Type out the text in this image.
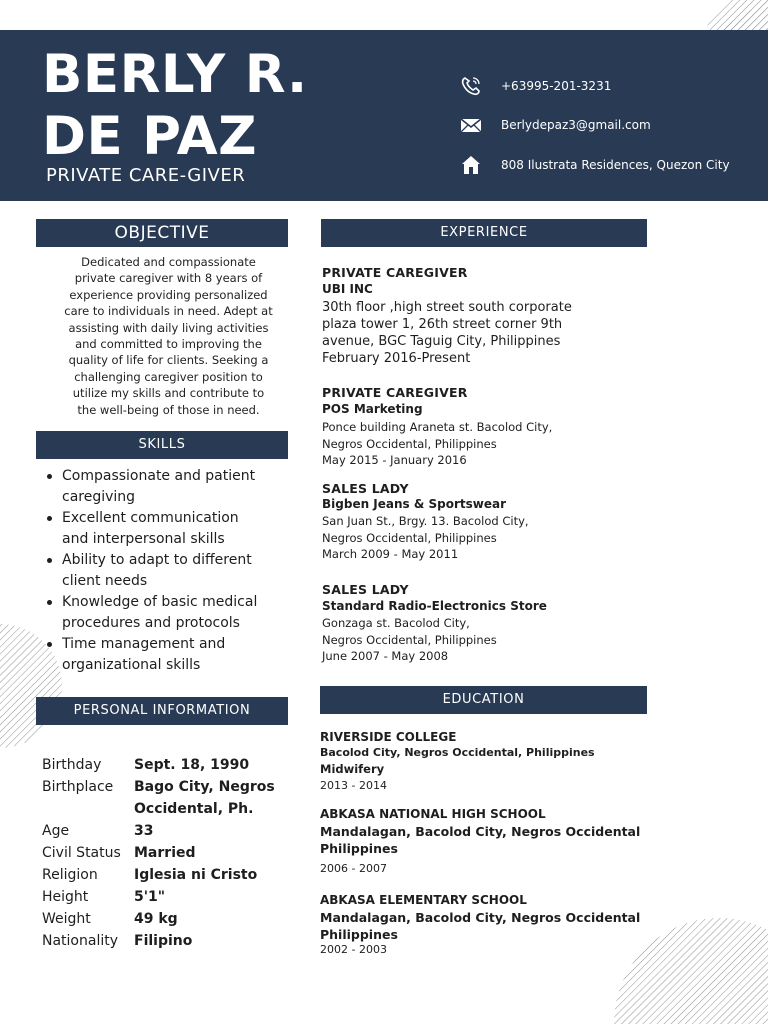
BERLY R.
DE PAZ
PRIVATE CARE-GIVER
+63995-201-3231
Berlydepaz3@gmail.com
808 Ilustrata Residences, Quezon City
OBJECTIVE
Dedicated and compassionate
private caregiver with 8 years of
experience providing personalized
care to individuals in need. Adept at
assisting with daily living activities
and committed to improving the
quality of life for clients. Seeking a
challenging caregiver position to
utilize my skills and contribute to
the well-being of those in need.
SKILLS
Compassionate and patient
caregiving
Excellent communication
and interpersonal skills
Ability to adapt to different
client needs
Knowledge of basic medical
procedures and protocols
Time management and
organizational skills
PERSONAL INFORMATION
Birthday Sept. 18, 1990
Birthplace Bago City, Negros
Occidental, Ph.
Age	33
Civil Status Married
Religion	Iglesia ni Cristo
Height	5'1"
Weight	49 kg
Nationality Filipino
EXPERIENCE
PRIVATE CAREGIVER
UBI INC
30th floor ,high street south corporate
plaza tower 1, 26th street corner 9th
avenue, BGC Taguig City, Philippines
February 2016-Present
PRIVATE CAREGIVER
POS Marketing
Ponce building Araneta st. Bacolod City,
Negros Occidental, Philippines
May 2015 - January 2016
SALES LADY
Bigben Jeans & Sportswear
San Juan St., Brgy. 13. Bacolod City,
Negros Occidental, Philippines
March 2009 - May 2011
SALES LADY
Standard Radio-Electronics Store
Gonzaga st. Bacolod City,
Negros Occidental, Philippines
June 2007 - May 2008
EDUCATION
RIVERSIDE COLLEGE
Bacolod City, Negros Occidental, Philippines
Midwifery
2013 - 2014
ABKASA NATIONAL HIGH SCHOOL
Mandalagan, Bacolod City, Negros Occidental
Philippines
2006 - 2007
ABKASA ELEMENTARY SCHOOL
Mandalagan, Bacolod City, Negros Occidental
Philippines
2002 - 2003
